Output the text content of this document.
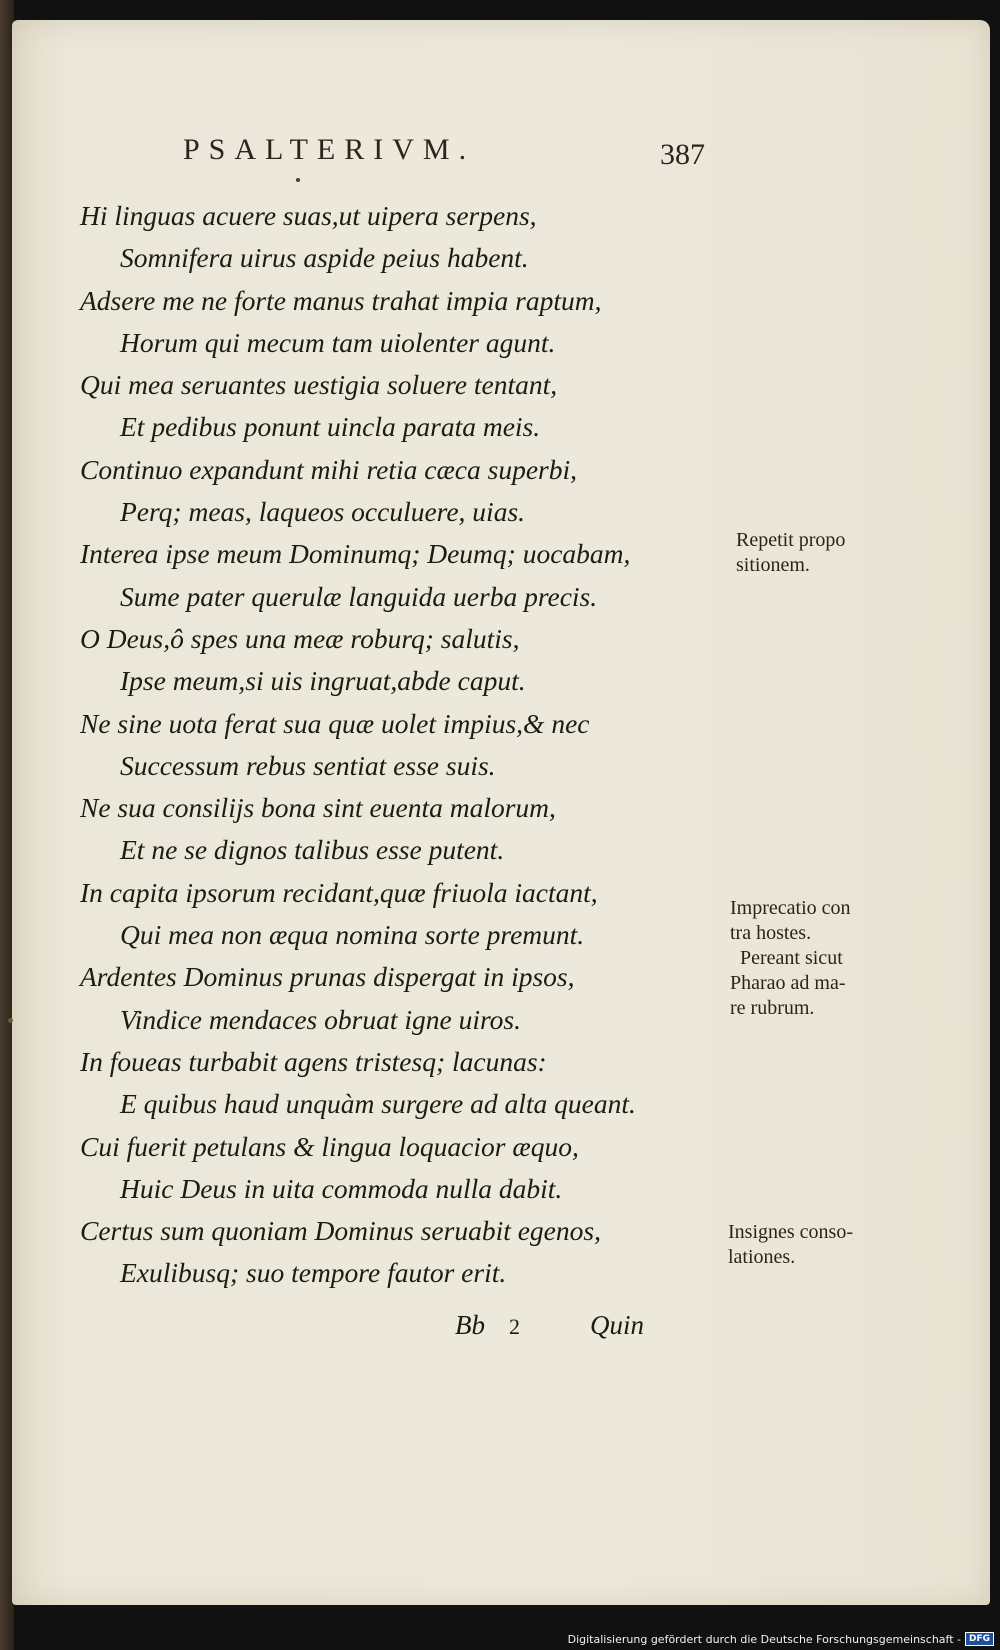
PSALTERIVM.	387
Hi linguas acuere suas,ut uipera serpens,
Somnifera uirus aspide peius habent.
Adsere me ne forte manus trahat impia raptum,
Horum qui mecum tam uiolenter agunt.
Qui mea seruantes uestigia soluere tentant,
Et pedibus ponunt uincla parata meis.
Continuo expandunt mihi retia cæca superbi,
Perq; meas, laqueos occuluere, uias.
Interea ipse meum Dominumq; Deumq; uocabam,
Sume pater querulæ languida uerba precis.
O Deus,ô spes una meæ roburq; salutis,
Ipse meum,si uis ingruat,abde caput.
Ne sine uota ferat sua quæ uolet impius,& nec
Successum rebus sentiat esse suis.
Ne sua consilijs bona sint euenta malorum,
Et ne se dignos talibus esse putent.
In capita ipsorum recidant,quæ friuola iactant,
Qui mea non æqua nomina sorte premunt.
Ardentes Dominus prunas dispergat in ipsos,
Vindice mendaces obruat igne uiros.
In foueas turbabit agens tristesq; lacunas:
E quibus haud unquàm surgere ad alta queant.
Cui fuerit petulans & lingua loquacior æquo,
Huic Deus in uita commoda nulla dabit.
Certus sum quoniam Dominus seruabit egenos,
Exulibusq; suo tempore fautor erit.
Bb 2	Quin
Repetit propo
sitionem.
Imprecatio con
tra hostes.
Pereant sicut
Pharao ad ma-
re rubrum.
Insignes conso-
lationes.
Digitalisierung gefördert durch die Deutsche Forschungsgemeinschaft - DFG
